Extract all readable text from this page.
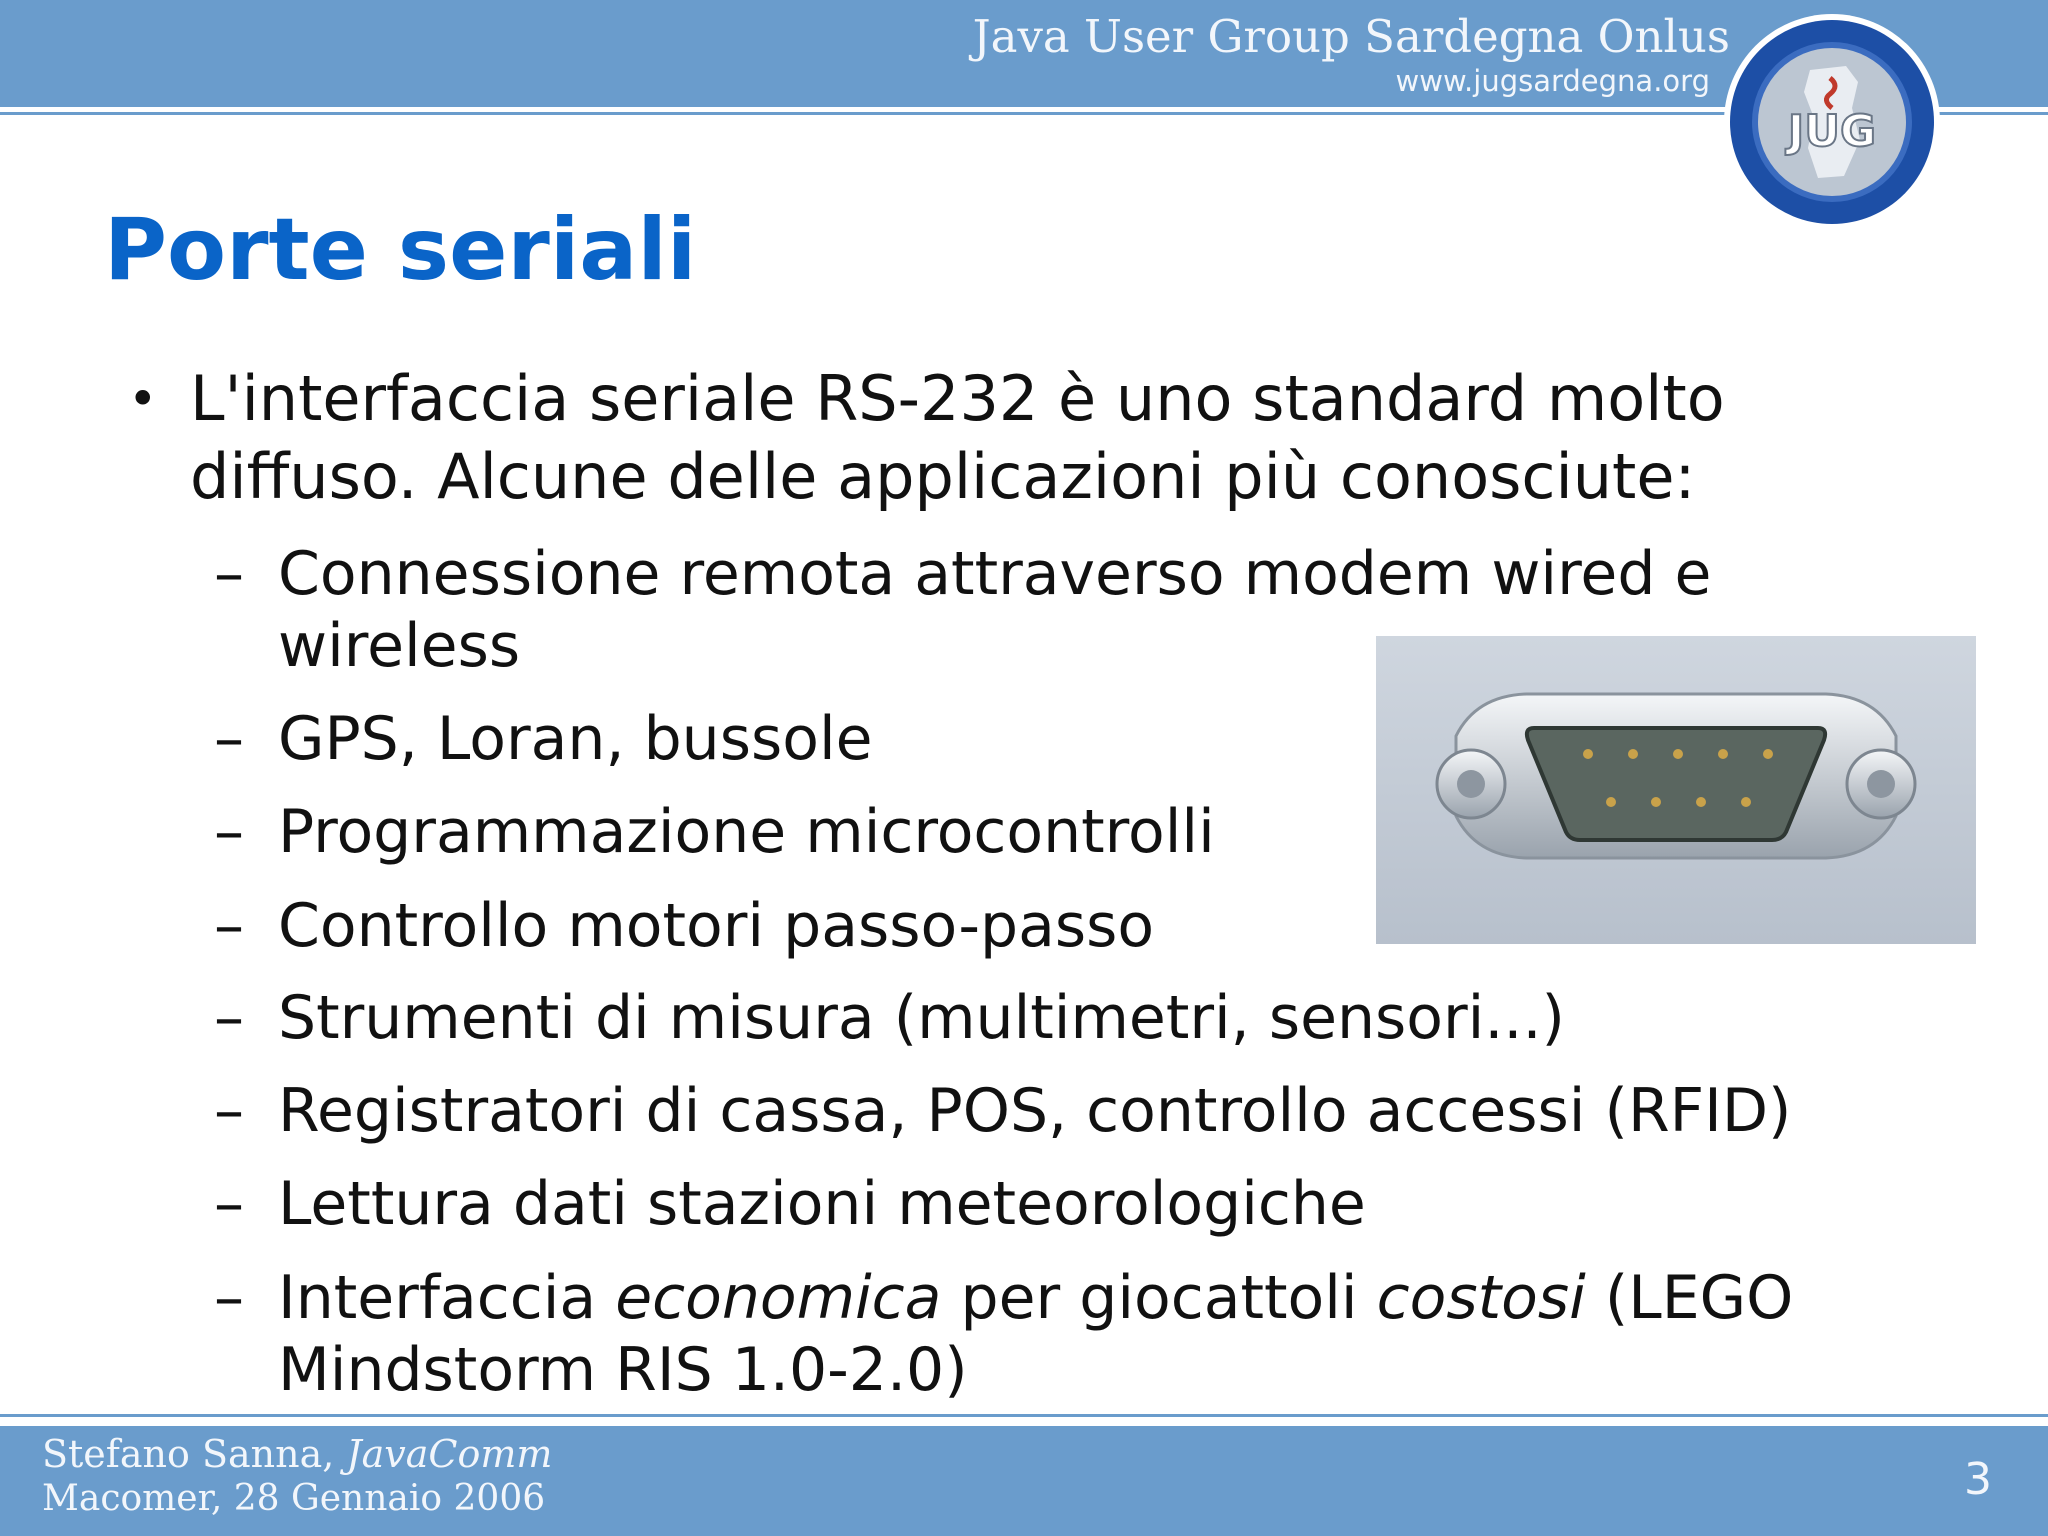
Java User Group Sardegna Onlus
www.jugsardegna.org
JUG
Porte seriali
• L'interfaccia seriale RS-232 è uno standard molto diffuso. Alcune delle applicazioni più conosciute:
– Connessione remota attraverso modem wired e
wireless
– GPS, Loran, bussole
– Programmazione microcontrolli
– Controllo motori passo-passo
– Strumenti di misura (multimetri, sensori...)
– Registratori di cassa, POS, controllo accessi (RFID)
– Lettura dati stazioni meteorologiche
– Interfaccia economica per giocattoli costosi (LEGO
Mindstorm RIS 1.0-2.0)
Stefano Sanna, JavaComm
Macomer, 28 Gennaio 2006	3
